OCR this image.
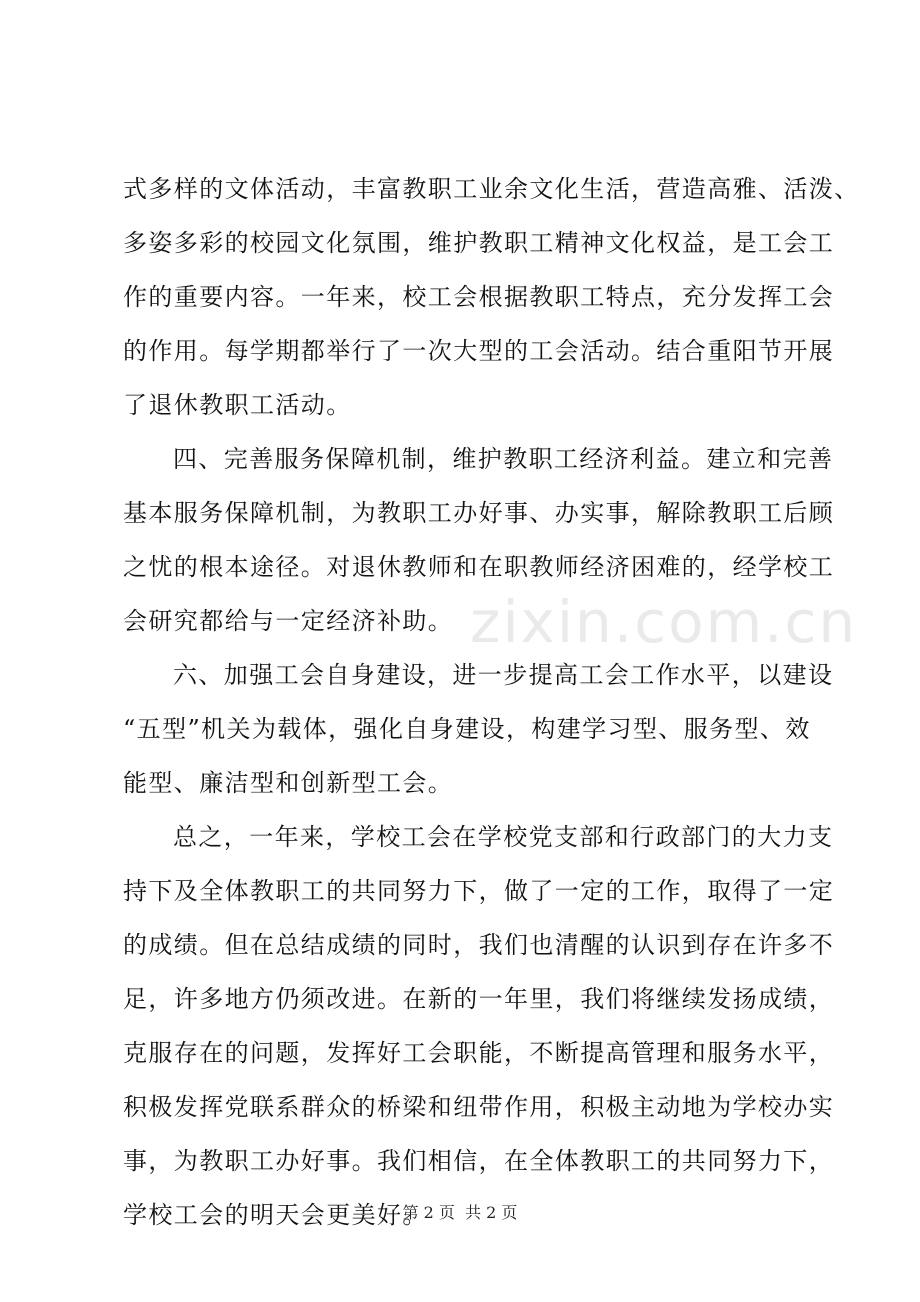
式多样的文体活动，丰富教职工业余文化生活，营造高雅、活泼、
多姿多彩的校园文化氛围，维护教职工精神文化权益，是工会工
作的重要内容。一年来，校工会根据教职工特点，充分发挥工会
的作用。每学期都举行了一次大型的工会活动。结合重阳节开展
了退休教职工活动。
四、完善服务保障机制，维护教职工经济利益。建立和完善
基本服务保障机制，为教职工办好事、办实事，解除教职工后顾
之忧的根本途径。对退休教师和在职教师经济困难的，经学校工
会研究都给与一定经济补助。
六、加强工会自身建设，进一步提高工会工作水平，以建设
“五型”机关为载体，强化自身建设，构建学习型、服务型、效
能型、廉洁型和创新型工会。
总之，一年来，学校工会在学校党支部和行政部门的大力支
持下及全体教职工的共同努力下，做了一定的工作，取得了一定
的成绩。但在总结成绩的同时，我们也清醒的认识到存在许多不
足，许多地方仍须改进。在新的一年里，我们将继续发扬成绩，
克服存在的问题，发挥好工会职能，不断提高管理和服务水平，
积极发挥党联系群众的桥梁和纽带作用，积极主动地为学校办实
事，为教职工办好事。我们相信，在全体教职工的共同努力下，
学校工会的明天会更美好。
zixin.com.cn
第 2 页  共 2 页
